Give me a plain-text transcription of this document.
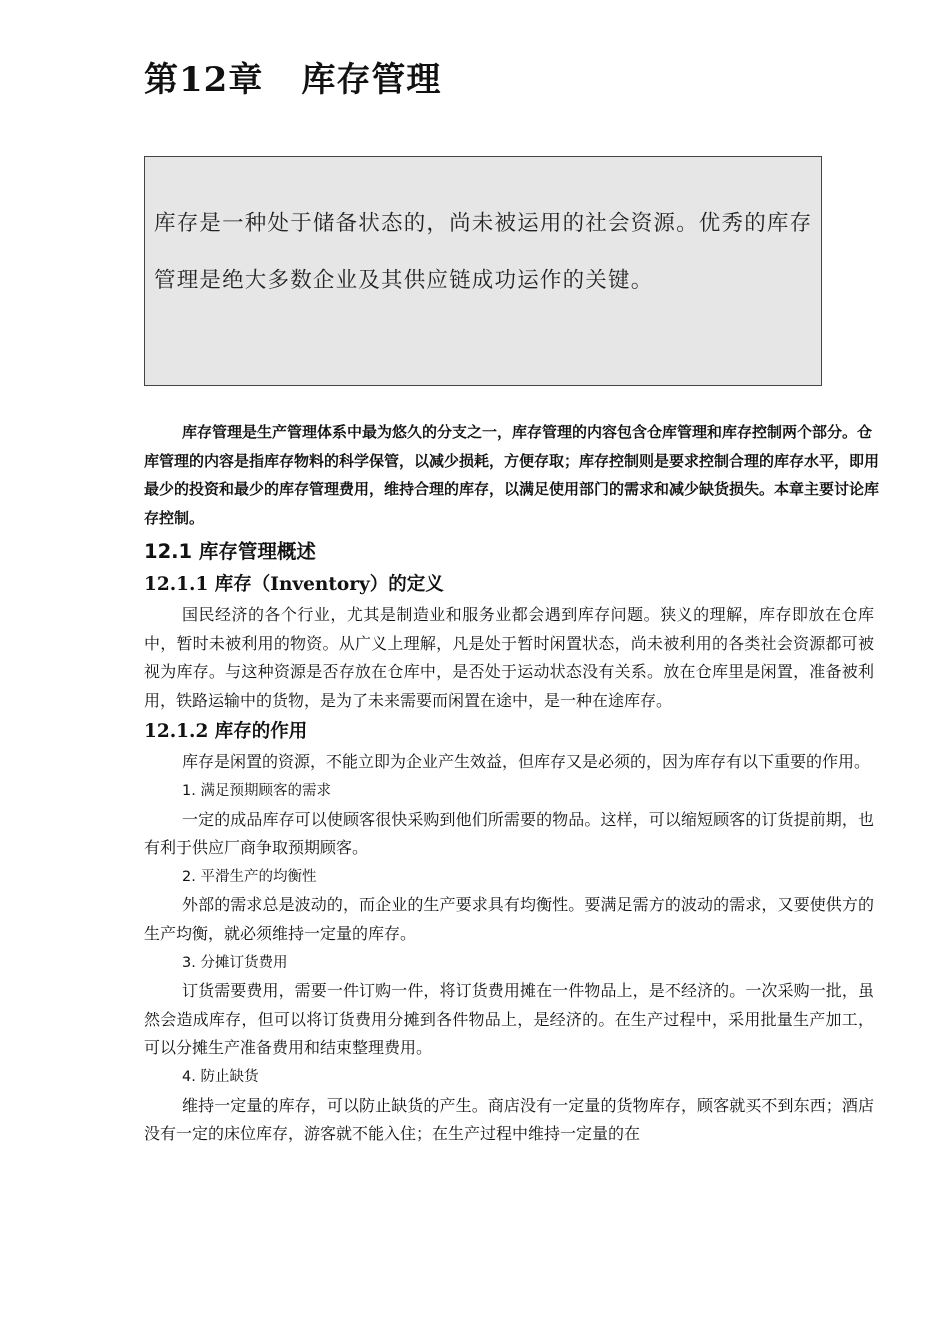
第12章 库存管理

库存是一种处于储备状态的，尚未被运用的社会资源。优秀的库存管理是绝大多数企业及其供应链成功运作的关键。

库存管理是生产管理体系中最为悠久的分支之一，库存管理的内容包含仓库管理和库存控制两个部分。仓库管理的内容是指库存物料的科学保管，以减少损耗，方便存取；库存控制则是要求控制合理的库存水平，即用最少的投资和最少的库存管理费用，维持合理的库存，以满足使用部门的需求和减少缺货损失。本章主要讨论库存控制。

12.1 库存管理概述
12.1.1 库存（Inventory）的定义

国民经济的各个行业，尤其是制造业和服务业都会遇到库存问题。狭义的理解，库存即放在仓库中，暂时未被利用的物资。从广义上理解，凡是处于暂时闲置状态，尚未被利用的各类社会资源都可被视为库存。与这种资源是否存放在仓库中，是否处于运动状态没有关系。放在仓库里是闲置，准备被利用，铁路运输中的货物，是为了未来需要而闲置在途中，是一种在途库存。

12.1.2 库存的作用

库存是闲置的资源，不能立即为企业产生效益，但库存又是必须的，因为库存有以下重要的作用。

1. 满足预期顾客的需求

一定的成品库存可以使顾客很快采购到他们所需要的物品。这样，可以缩短顾客的订货提前期，也有利于供应厂商争取预期顾客。

2. 平滑生产的均衡性

外部的需求总是波动的，而企业的生产要求具有均衡性。要满足需方的波动的需求，又要使供方的生产均衡，就必须维持一定量的库存。

3. 分摊订货费用

订货需要费用，需要一件订购一件，将订货费用摊在一件物品上，是不经济的。一次采购一批，虽然会造成库存，但可以将订货费用分摊到各件物品上，是经济的。在生产过程中，采用批量生产加工，可以分摊生产准备费用和结束整理费用。

4. 防止缺货

维持一定量的库存，可以防止缺货的产生。商店没有一定量的货物库存，顾客就买不到东西；酒店没有一定的床位库存，游客就不能入住；在生产过程中维持一定量的在
